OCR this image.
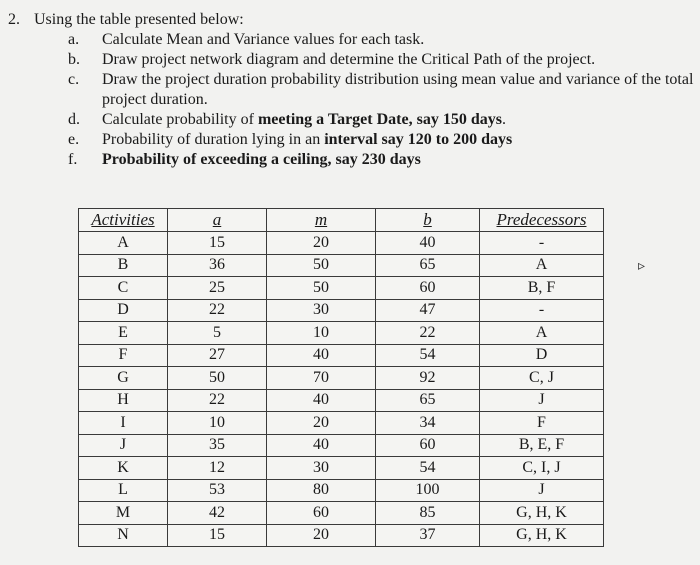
2. Using the table presented below:
a.	Calculate Mean and Variance values for each task.
b.	Draw project network diagram and determine the Critical Path of the project.
c.	Draw the project duration probability distribution using mean value and variance of the total project duration.
d.	Calculate probability of meeting a Target Date, say 150 days.
e.	Probability of duration lying in an interval say 120 to 200 days
f.	Probability of exceeding a ceiling, say 230 days
Activities	a	m	b	Predecessors
A	15	20	40	-
B	36	50	65	A
C	25	50	60	B, F
D	22	30	47	-
E	5	10	22	A
F	27	40	54	D
G	50	70	92	C, J
H	22	40	65	J
I	10	20	34	F
J	35	40	60	B, E, F
K	12	30	54	C, I, J
L	53	80	100	J
M	42	60	85	G, H, K
N	15	20	37	G, H, K
▹
